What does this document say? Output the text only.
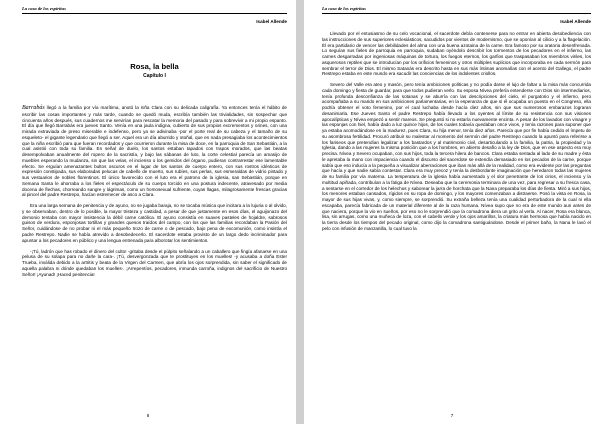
La casa de los espíritus
Isabel Allende
Rosa, la bella
Capítulo I

Barrabás llegó a la familia por vía marítima, anotó la niña Clara con su delicada caligrafía. Ya entonces tenía el hábito de escribir las cosas importantes y más tarde, cuando se quedó muda, escribía también las trivialidades, sin sospechar que cincuenta años después, sus cuadernos me servirían para rescatar la memoria del pasado y para sobrevivir a mi propio espanto. El día que llegó Barrabás era jueves Santo. Venía en una jaula indigna, cubierto de sus propios excrementos y orines, con una mirada extraviada de preso miserable e indefenso, pero ya se adivinaba -por el porte real de su cabeza y el tamaño de su esqueleto- el gigante legendario que llegó a ser. Aquel era un día aburrido y otoñal, que en nada presagiaba los acontecimientos que la niña escribió para que fueran recordados y que ocurrieron durante la misa de doce, en la parroquia de San Sebastián, a la cual asistió con toda su familia. En señal de duelo, los santos estaban tapados con trapos morados, que las beatas desempolvaban anualmente del ropero de la sacristía, y bajo las sábanas de luto, la corte celestial parecía un amasijo de muebles esperando la mudanza, sin que las velas, el incienso o los gemidos del órgano, pudieran contrarrestar ese lamentable efecto. Se erguían amenazantes bultos oscuros en el lugar de los santos de cuerpo entero, con sus rostros idénticos de expresión constipada, sus elaboradas pelucas de cabello de muerto, sus rubíes, sus perlas, sus esmeraldas de vidrio pintado y sus vestuarios de nobles florentinos. El único favorecido con el luto era el patrono de la iglesia, san Sebastián, porque en Semana Santa le ahorraba a los fieles el espectáculo de su cuerpo torcido en una postura indecente, atravesado por media docena de flechas, chorreando sangre y lágrimas, como un homosexual sufriente, cuyas llagas, milagrosamente frescas gracias al pincel del padre Restrepo, hacían estremecer de asco a Clara.

Era una larga semana de penitencia y de ayuno, no se jugaba baraja, no se tocaba música que incitara a la lujuria o al olvido, y se observaban, dentro de lo posible, la mayor tristeza y castidad, a pesar de que justamente en esos días, el aguijonazo del demonio tentaba con mayor insistencia la débil carne católica. El ayuno consistía en suaves pasteles de hojaldre, sabrosos guisos de verdura, esponjosas tortillas y grandes quesos traídos del campo, con los que las familias recordaban la Pasión del Señor, cuidándose de no probar ni el más pequeño trozo de carne o de pescado, bajo pena de excomunión, como insistía el padre Restrepo. Nadie se había atrevido a desobedecerlo. El sacerdote estaba provisto de un largo dedo incriminador para apuntar a los pecadores en público y una lengua entrenada para alborotar los sentimientos.

-¡Tú, ladrón que has robado el dinero del culto! -gritaba desde el púlpito señalando a un caballero que fingía afanarse en una pelusa de su solapa para no darle la cara-. ¡Tú, desvergonzada que te prostituyes en los muelles! -y acusaba a doña Ester Trueba, inválida debido a la artritis y beata de la Virgen del Carmen, que abría los ojos sorprendida, sin saber el significado de aquella palabra ni dónde quedaban los muelles-. ¡Arrepentíos, pecadores, inmunda carroña, indignos del sacrificio de Nuestro Señor! ¡Ayunad! ¡Haced penitencia!

6
La casa de los espíritus
Isabel Allende

Llevado por el entusiasmo de su celo vocacional, el sacerdote debía contenerse para no entrar en abierta desobediencia con las instrucciones de sus superiores eclesiásticos, sacudidos por vientos de modernismo, que se oponían al cilicio y a la flagelación. Él era partidario de vencer las debilidades del alma con una buena azotaina de la carne. Era famoso por su oratoria desenfrenada. Lo seguían sus fieles de parroquia en parroquia, sudaban oyéndolo describir los tormentos de los pecadores en el infierno, las carnes desgarradas por ingeniosas máquinas de tortura, los fuegos eternos, los garfios que traspasaban los miembros viriles, los asquerosos reptiles que se introducían por los orificios femeninos y otros múltiples suplicios que incorporaba en cada sermón para sembrar el terror de Dios. El mismo Satanás era descrito hasta en sus más íntimas anomalías con el acento del Gallego, el padre Restrepo estaba en este mundo era sacudir las conciencias de los indolentes criollos.

Severo del Valle era ateo y masón, pero tenía ambiciones políticas y no podía darse el lujo de faltar a la misa más concurrida cada domingo y fiesta de guardar, para que todos pudieran verlo. Su esposa Nívea prefería entenderse con Dios sin intermediarios, tenía profunda desconfianza de las sotanas y se aburría con las descripciones del cielo, el purgatorio y el infierno, pero acompañaba a su marido en sus ambiciones parlamentarias, en la esperanza de que si él ocupaba un puesto en el Congreso, ella podría obtener el voto femenino, por el cual luchaba desde hacía diez años, sin que sus numerosos embarazos lograran desanimarla. Ese Jueves Santo el padre Restrepo había llevado a los oyentes al límite de su resistencia con sus visiones apocalípticas y Nívea empezó a sentir mareos. Se preguntó si no estaría nuevamente encinta. A pesar de los lavados con vinagre y las esponjas con hiel, había dado a luz quince hijos, de los cuales todavía quedaban once vivos, y tenía razones para suponer que ya estaba acomodándose en la madurez, pues Clara, su hija menor, tenía diez años. Parecía que por fin había cedido el ímpetu de su asombrosa fertilidad. Procuró atribuir su malestar al momento del sermón del padre Restrepo cuando la apuntó para referirse a los fariseos que pretendían legalizar a los bastardos y al matrimonio civil, desarticulando a la familia, la patria, la propiedad y la Iglesia, dando a las mujeres la misma posición que a los hombres, en abierto desafío a la ley de Dios, que en ese aspecto era muy precisa. Nívea y Severo ocupaban, con sus hijos, toda la tercera hilera de bancos. Clara estaba sentada al lado de su madre y ésta le apretaba la mano con impaciencia cuando el discurso del sacerdote se extendía demasiado en los pecados de la carne, porque sabía que eso inducía a la pequeña a visualizar aberraciones que iban más allá de la realidad, como era evidente por las preguntas que hacía y que nadie sabía contestar. Clara era muy precoz y tenía la desbordante imaginación que heredaron todas las mujeres de su familia por vía materna. La temperatura de la iglesia había aumentado y el olor penetrante de los cirios, el incienso y la multitud apiñada, contribuían a la fatiga de Nívea. Deseaba que la ceremonia terminara de una vez, para regresar a su fresca casa, a sentarse en el corredor de los helechos y saborear la jarra de horchata que la Nana preparaba los días de fiesta. Miró a sus hijos, los menores estaban cansados, rígidos en su ropa de domingo, y los mayores comenzaban a distraerse. Posó la vista en Rosa, la mayor de sus hijas vivas, y, como siempre, se sorprendió. Su extraña belleza tenía una cualidad perturbadora de la cual ni ella escapaba, parecía fabricada de un material diferente al de la raza humana. Nívea supo que no era de este mundo aun antes de que naciera, porque la vio en sueños, por eso no le sorprendió que la comadrona diera un grito al verla. Al nacer, Rosa era blanca, lisa, sin arrugas, como una muñeca de loza, con el cabello verde y los ojos amarillos, la criatura más hermosa que había nacido en la tierra desde los tiempos del pecado original, como dijo la comadrona santiguándose. Desde el primer baño, la Nana le lavó el pelo con infusión de manzanilla, lo cual tuvo la

7
